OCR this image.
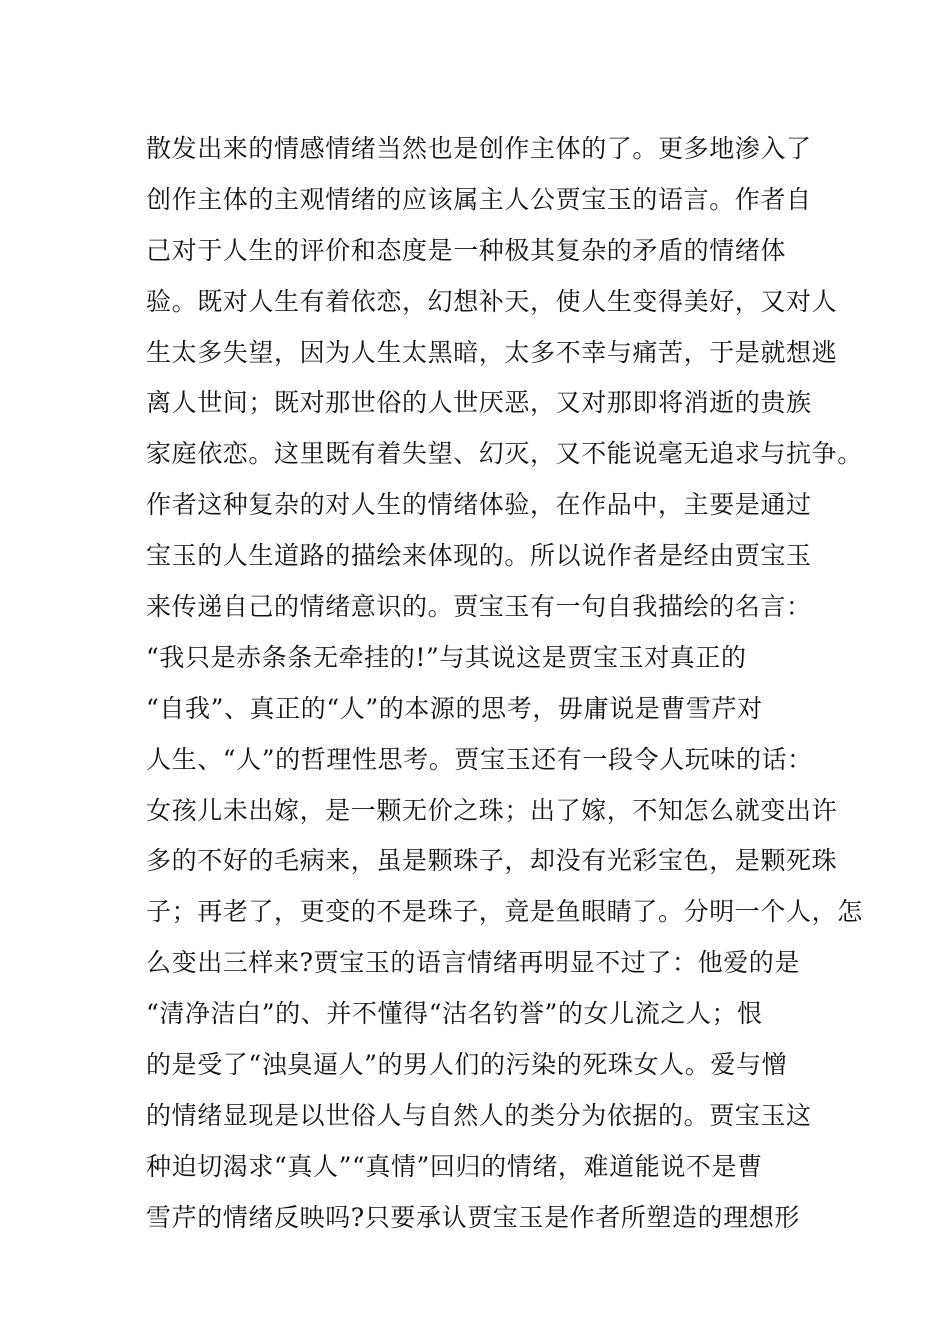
散发出来的情感情绪当然也是创作主体的了。更多地渗入了
创作主体的主观情绪的应该属主人公贾宝玉的语言。作者自
己对于人生的评价和态度是一种极其复杂的矛盾的情绪体
验。既对人生有着依恋，幻想补天，使人生变得美好，又对人
生太多失望，因为人生太黑暗，太多不幸与痛苦，于是就想逃
离人世间；既对那世俗的人世厌恶，又对那即将消逝的贵族
家庭依恋。这里既有着失望、幻灭，又不能说毫无追求与抗争。
作者这种复杂的对人生的情绪体验，在作品中，主要是通过
宝玉的人生道路的描绘来体现的。所以说作者是经由贾宝玉
来传递自己的情绪意识的。贾宝玉有一句自我描绘的名言：
“我只是赤条条无牵挂的!”与其说这是贾宝玉对真正的
“自我”、真正的“人”的本源的思考，毋庸说是曹雪芹对
人生、“人”的哲理性思考。贾宝玉还有一段令人玩味的话：
女孩儿未出嫁，是一颗无价之珠；出了嫁，不知怎么就变出许
多的不好的毛病来，虽是颗珠子，却没有光彩宝色，是颗死珠
子；再老了，更变的不是珠子，竟是鱼眼睛了。分明一个人，怎
么变出三样来?贾宝玉的语言情绪再明显不过了：他爱的是
“清净洁白”的、并不懂得“沽名钓誉”的女儿流之人；恨
的是受了“浊臭逼人”的男人们的污染的死珠女人。爱与憎
的情绪显现是以世俗人与自然人的类分为依据的。贾宝玉这
种迫切渴求“真人”“真情”回归的情绪，难道能说不是曹
雪芹的情绪反映吗?只要承认贾宝玉是作者所塑造的理想形
